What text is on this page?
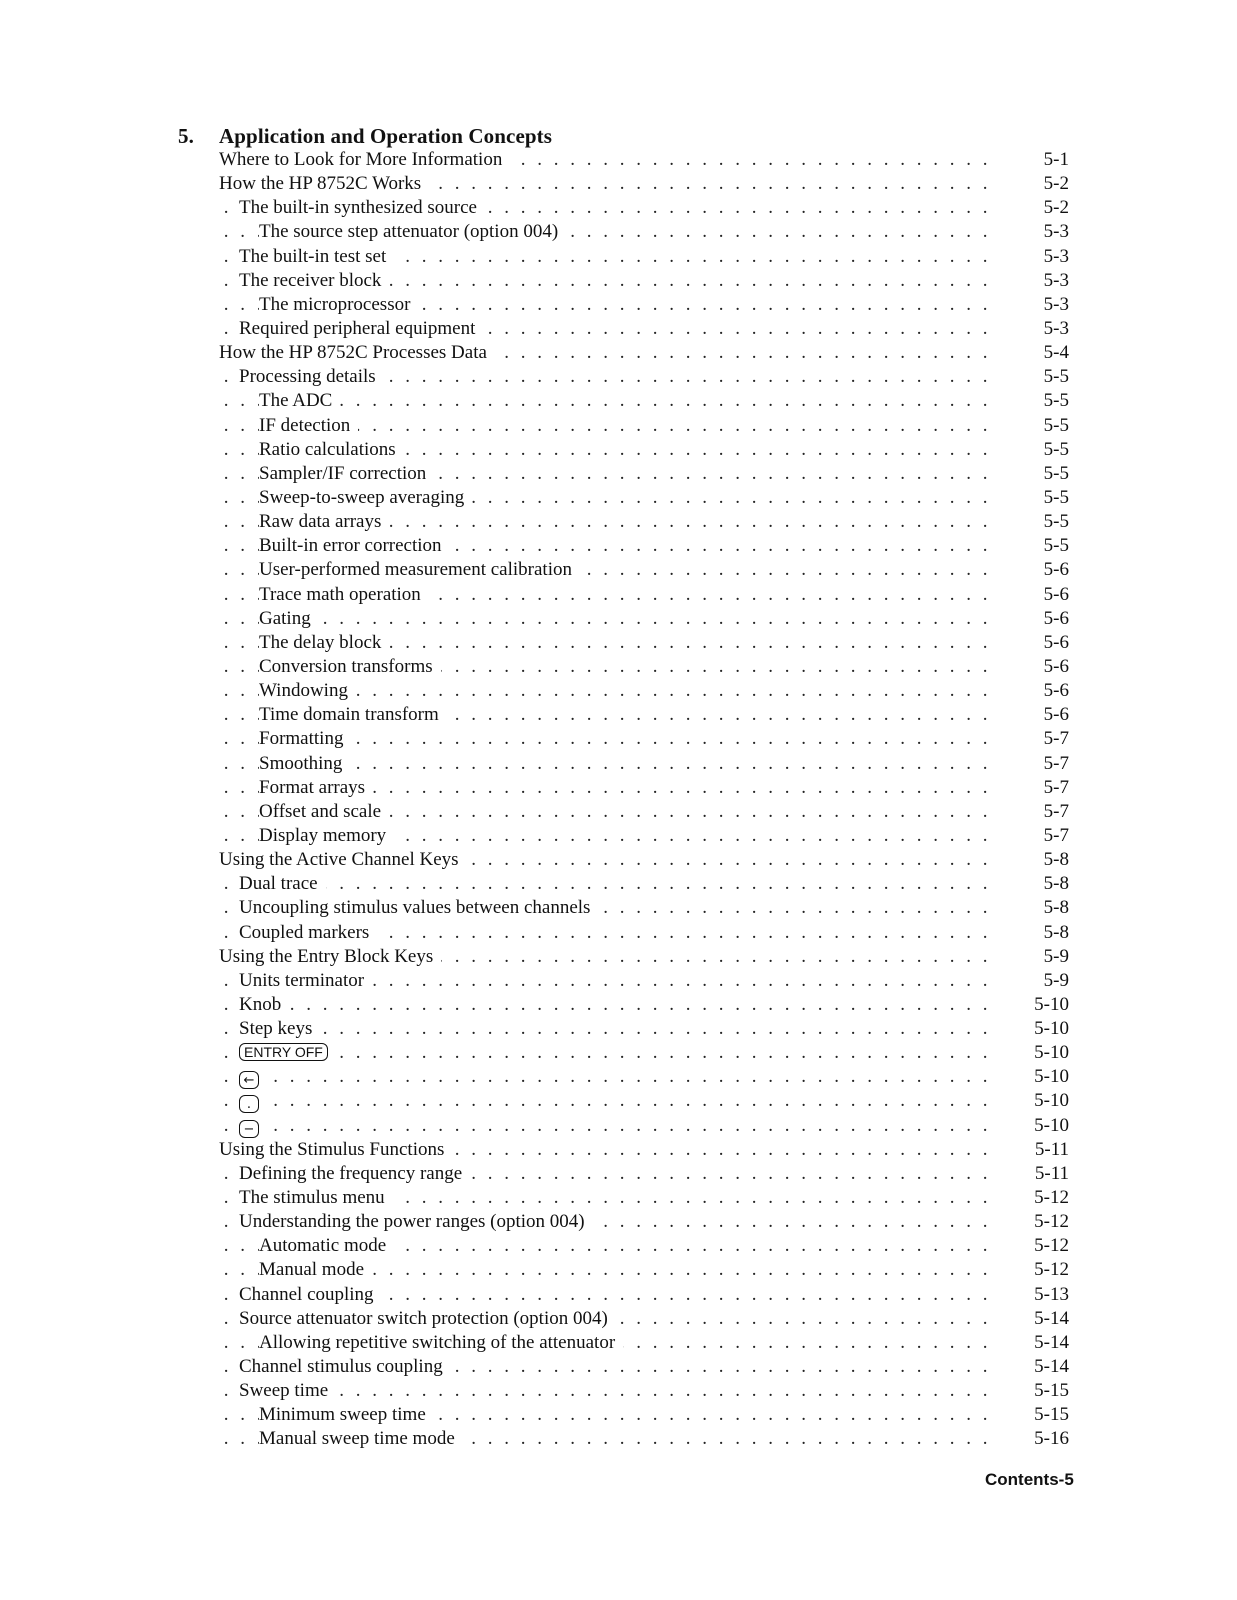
5. Application and Operation Concepts
. . .
Where to Look for More Information	5-1
. . .
How the HP 8752C Works	5-2
. . .
The built-in synthesized source	5-2
. . .
The source step attenuator (option 004)	5-3
. . .
The built-in test set	5-3
. . .
The receiver block	5-3
. . .
The microprocessor	5-3
. . .
Required peripheral equipment	5-3
. . .
How the HP 8752C Processes Data	5-4
. . .
Processing details	5-5
. . .
The ADC	5-5
. . .
IF detection	5-5
. . .
Ratio calculations	5-5
. . .
Sampler/IF correction	5-5
. . .
Sweep-to-sweep averaging	5-5
. . .
Raw data arrays	5-5
. . .
Built-in error correction	5-5
. . .
User-performed measurement calibration	5-6
. . .
Trace math operation	5-6
. . .
Gating	5-6
. . .
The delay block	5-6
. . .
Conversion transforms	5-6
. . .
Windowing	5-6
. . .
Time domain transform	5-6
. . .
Formatting	5-7
. . .
Smoothing	5-7
. . .
Format arrays	5-7
. . .
Offset and scale	5-7
. . .
Display memory	5-7
. . .
Using the Active Channel Keys	5-8
. . .
Dual trace	5-8
. . .
Uncoupling stimulus values between channels	5-8
. . .
Coupled markers	5-8
. . .
Using the Entry Block Keys	5-9
. . .
Units terminator	5-9
. . .
Knob	5-10
. . .
Step keys	5-10
. . .
ENTRY OFF	5-10
. . .
←	5-10
. . .
.	5-10
. . .
−	5-10
. . .
Using the Stimulus Functions	5-11
. . .
Defining the frequency range	5-11
. . .
The stimulus menu	5-12
. . .
Understanding the power ranges (option 004)	5-12
. . .
Automatic mode	5-12
. . .
Manual mode	5-12
. . .
Channel coupling	5-13
. . .
Source attenuator switch protection (option 004)	5-14
. . .
Allowing repetitive switching of the attenuator	5-14
. . .
Channel stimulus coupling	5-14
. . .
Sweep time	5-15
. . .
Minimum sweep time	5-15
. . .
Manual sweep time mode	5-16
Contents-5
